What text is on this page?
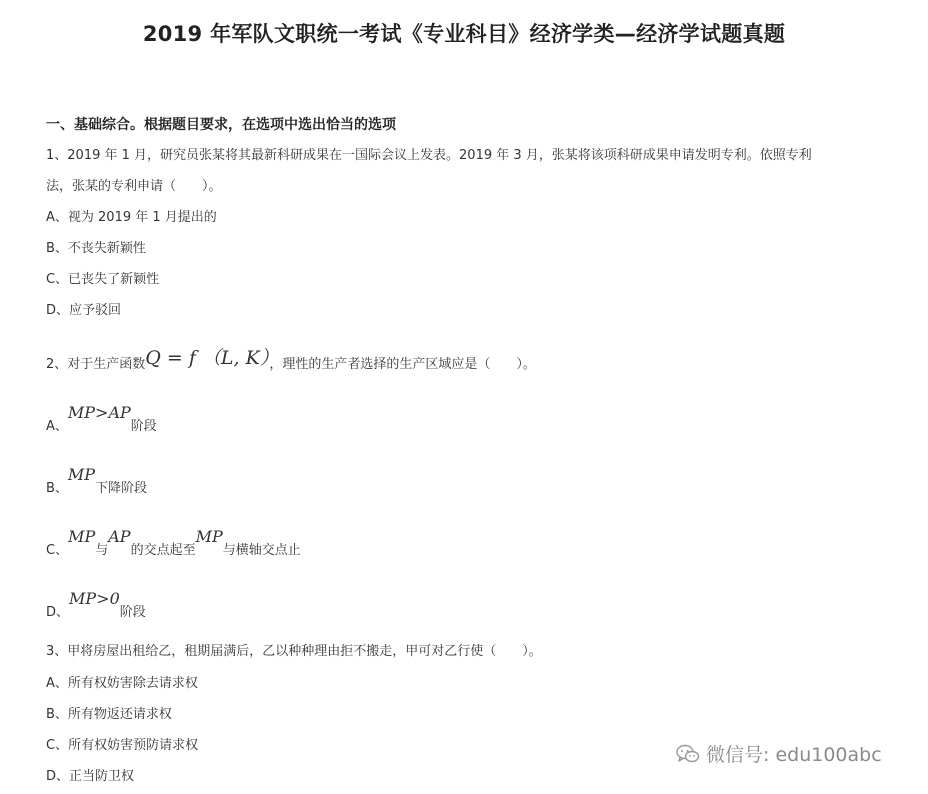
2019 年军队文职统一考试《专业科目》经济学类—经济学试题真题
一、基础综合。根据题目要求，在选项中选出恰当的选项
1、2019 年 1 月，研究员张某将其最新科研成果在一国际会议上发表。2019 年 3 月，张某将该项科研成果申请发明专利。依照专利
法，张某的专利申请（　　）。
A、视为 2019 年 1 月提出的
B、不丧失新颖性
C、已丧失了新颖性
D、应予驳回
2、对于生产函数Q = f （L, K），理性的生产者选择的生产区域应是（　　）。
A、MP>AP阶段
B、MP下降阶段
C、MP与AP的交点起至MP与横轴交点止
D、MP>0阶段
3、甲将房屋出租给乙，租期届满后，乙以种种理由拒不搬走，甲可对乙行使（　　）。
A、所有权妨害除去请求权
B、所有物返还请求权
C、所有权妨害预防请求权
D、正当防卫权
微信号: edu100abc
